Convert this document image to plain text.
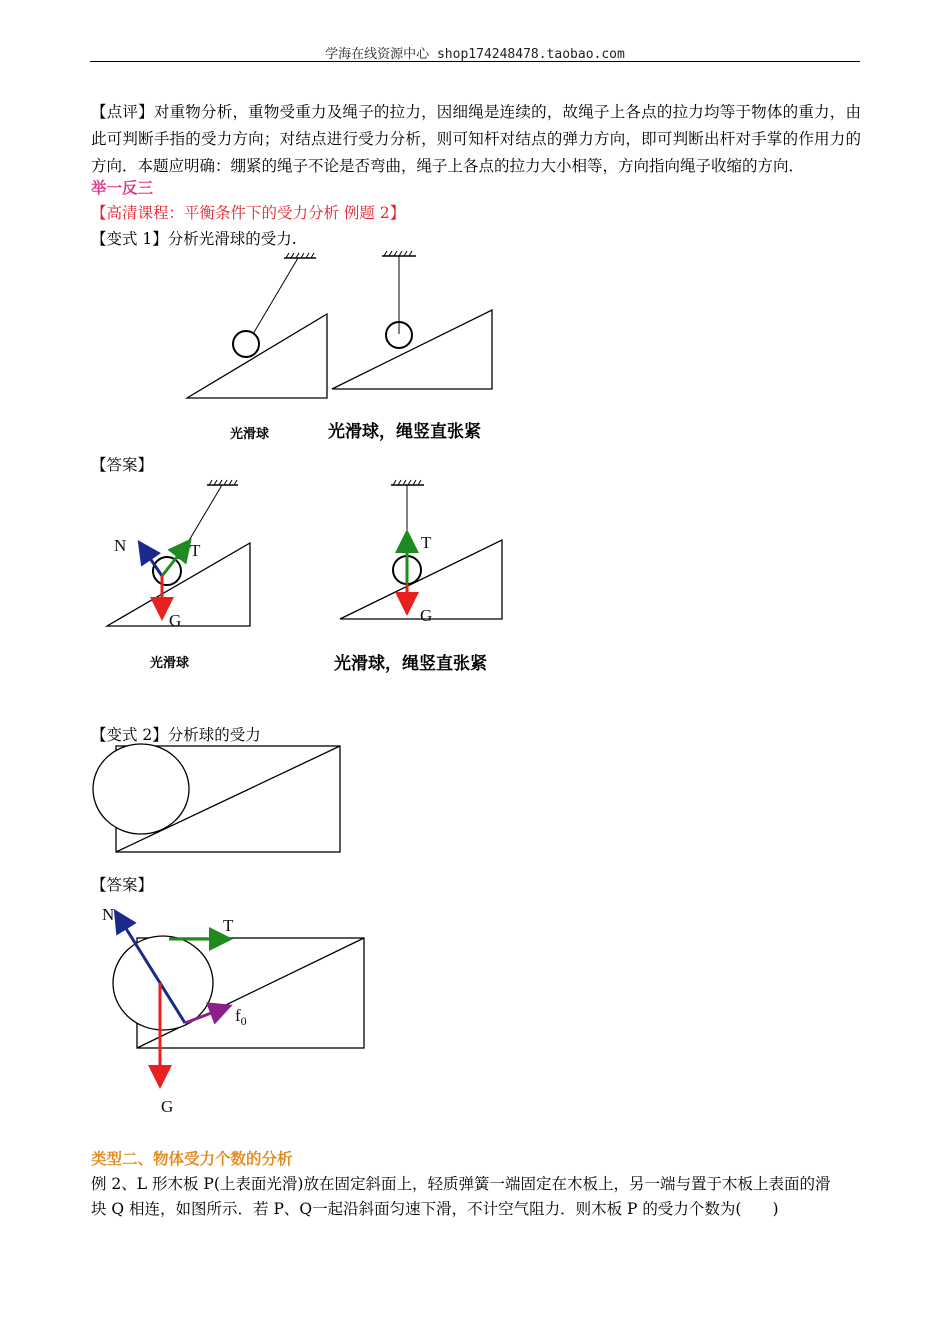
学海在线资源中心 shop174248478.taobao.com
【点评】对重物分析，重物受重力及绳子的拉力，因细绳是连续的，故绳子上各点的拉力均等于物体的重力，由此可判断手指的受力方向；对结点进行受力分析，则可知杆对结点的弹力方向，即可判断出杆对手掌的作用力的方向．本题应明确：绷紧的绳子不论是否弯曲，绳子上各点的拉力大小相等，方向指向绳子收缩的方向．
举一反三
【高清课程：平衡条件下的受力分析 例题 2】
【变式 1】分析光滑球的受力.
光滑球	光滑球，绳竖直张紧
【答案】
N	T
G
光滑球
T
G
光滑球，绳竖直张紧
【变式 2】分析球的受力
【答案】
N
T
$f_0$
G
类型二、物体受力个数的分析
例 2、L 形木板 P(上表面光滑)放在固定斜面上，轻质弹簧一端固定在木板上，另一端与置于木板上表面的滑
块 Q 相连，如图所示．若 P、Q一起沿斜面匀速下滑，不计空气阻力．则木板 P 的受力个数为(　　)
